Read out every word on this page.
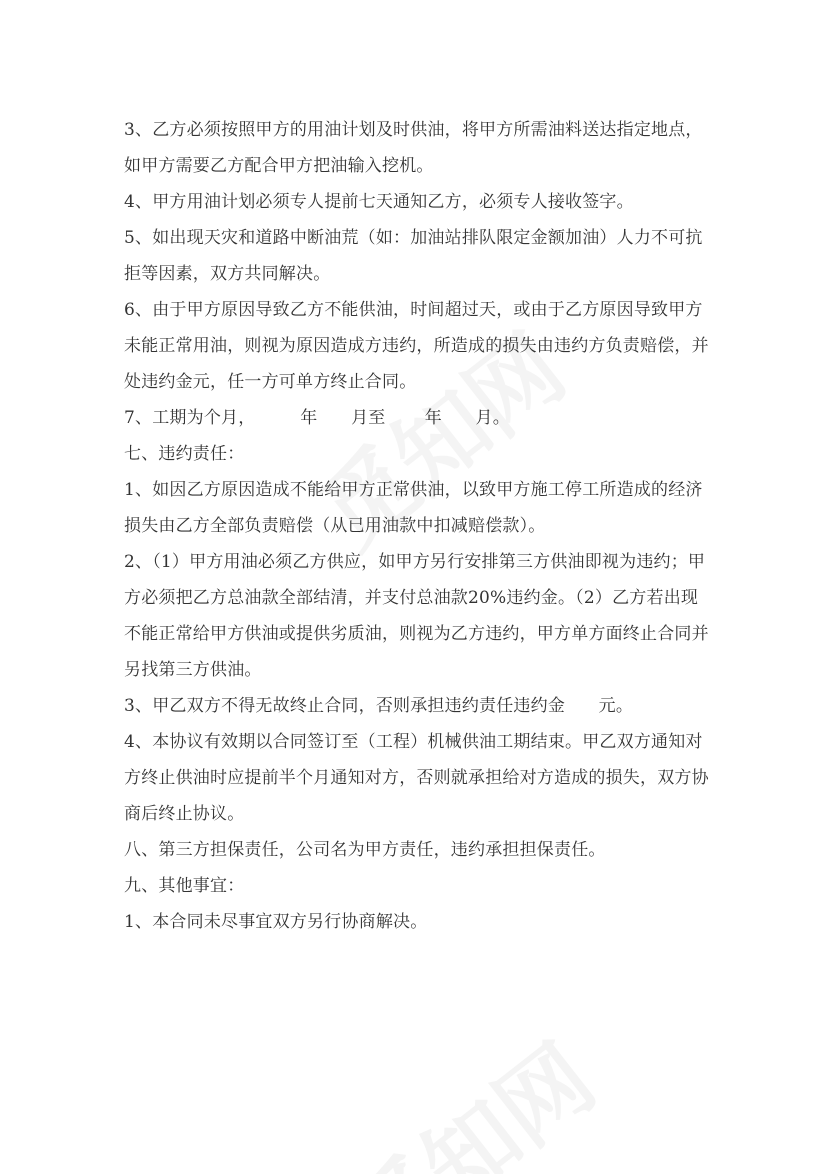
3、乙方必须按照甲方的用油计划及时供油，将甲方所需油料送达指定地点，如甲方需要乙方配合甲方把油输入挖机。

4、甲方用油计划必须专人提前七天通知乙方，必须专人接收签字。

5、如出现天灾和道路中断油荒（如：加油站排队限定金额加油）人力不可抗拒等因素，双方共同解决。

6、由于甲方原因导致乙方不能供油，时间超过天，或由于乙方原因导致甲方未能正常用油，则视为原因造成方违约，所造成的损失由违约方负责赔偿，并处违约金元，任一方可单方终止合同。

7、工期为个月，        年      月至       年      月。

七、违约责任：

1、如因乙方原因造成不能给甲方正常供油，以致甲方施工停工所造成的经济损失由乙方全部负责赔偿（从已用油款中扣减赔偿款）。

2、（1）甲方用油必须乙方供应，如甲方另行安排第三方供油即视为违约；甲方必须把乙方总油款全部结清，并支付总油款20%违约金。（2）乙方若出现不能正常给甲方供油或提供劣质油，则视为乙方违约，甲方单方面终止合同并另找第三方供油。

3、甲乙双方不得无故终止合同，否则承担违约责任违约金      元。

4、本协议有效期以合同签订至（工程）机械供油工期结束。甲乙双方通知对方终止供油时应提前半个月通知对方，否则就承担给对方造成的损失，双方协商后终止协议。

八、第三方担保责任，公司名为甲方责任，违约承担担保责任。

九、其他事宜：

1、本合同未尽事宜双方另行协商解决。
